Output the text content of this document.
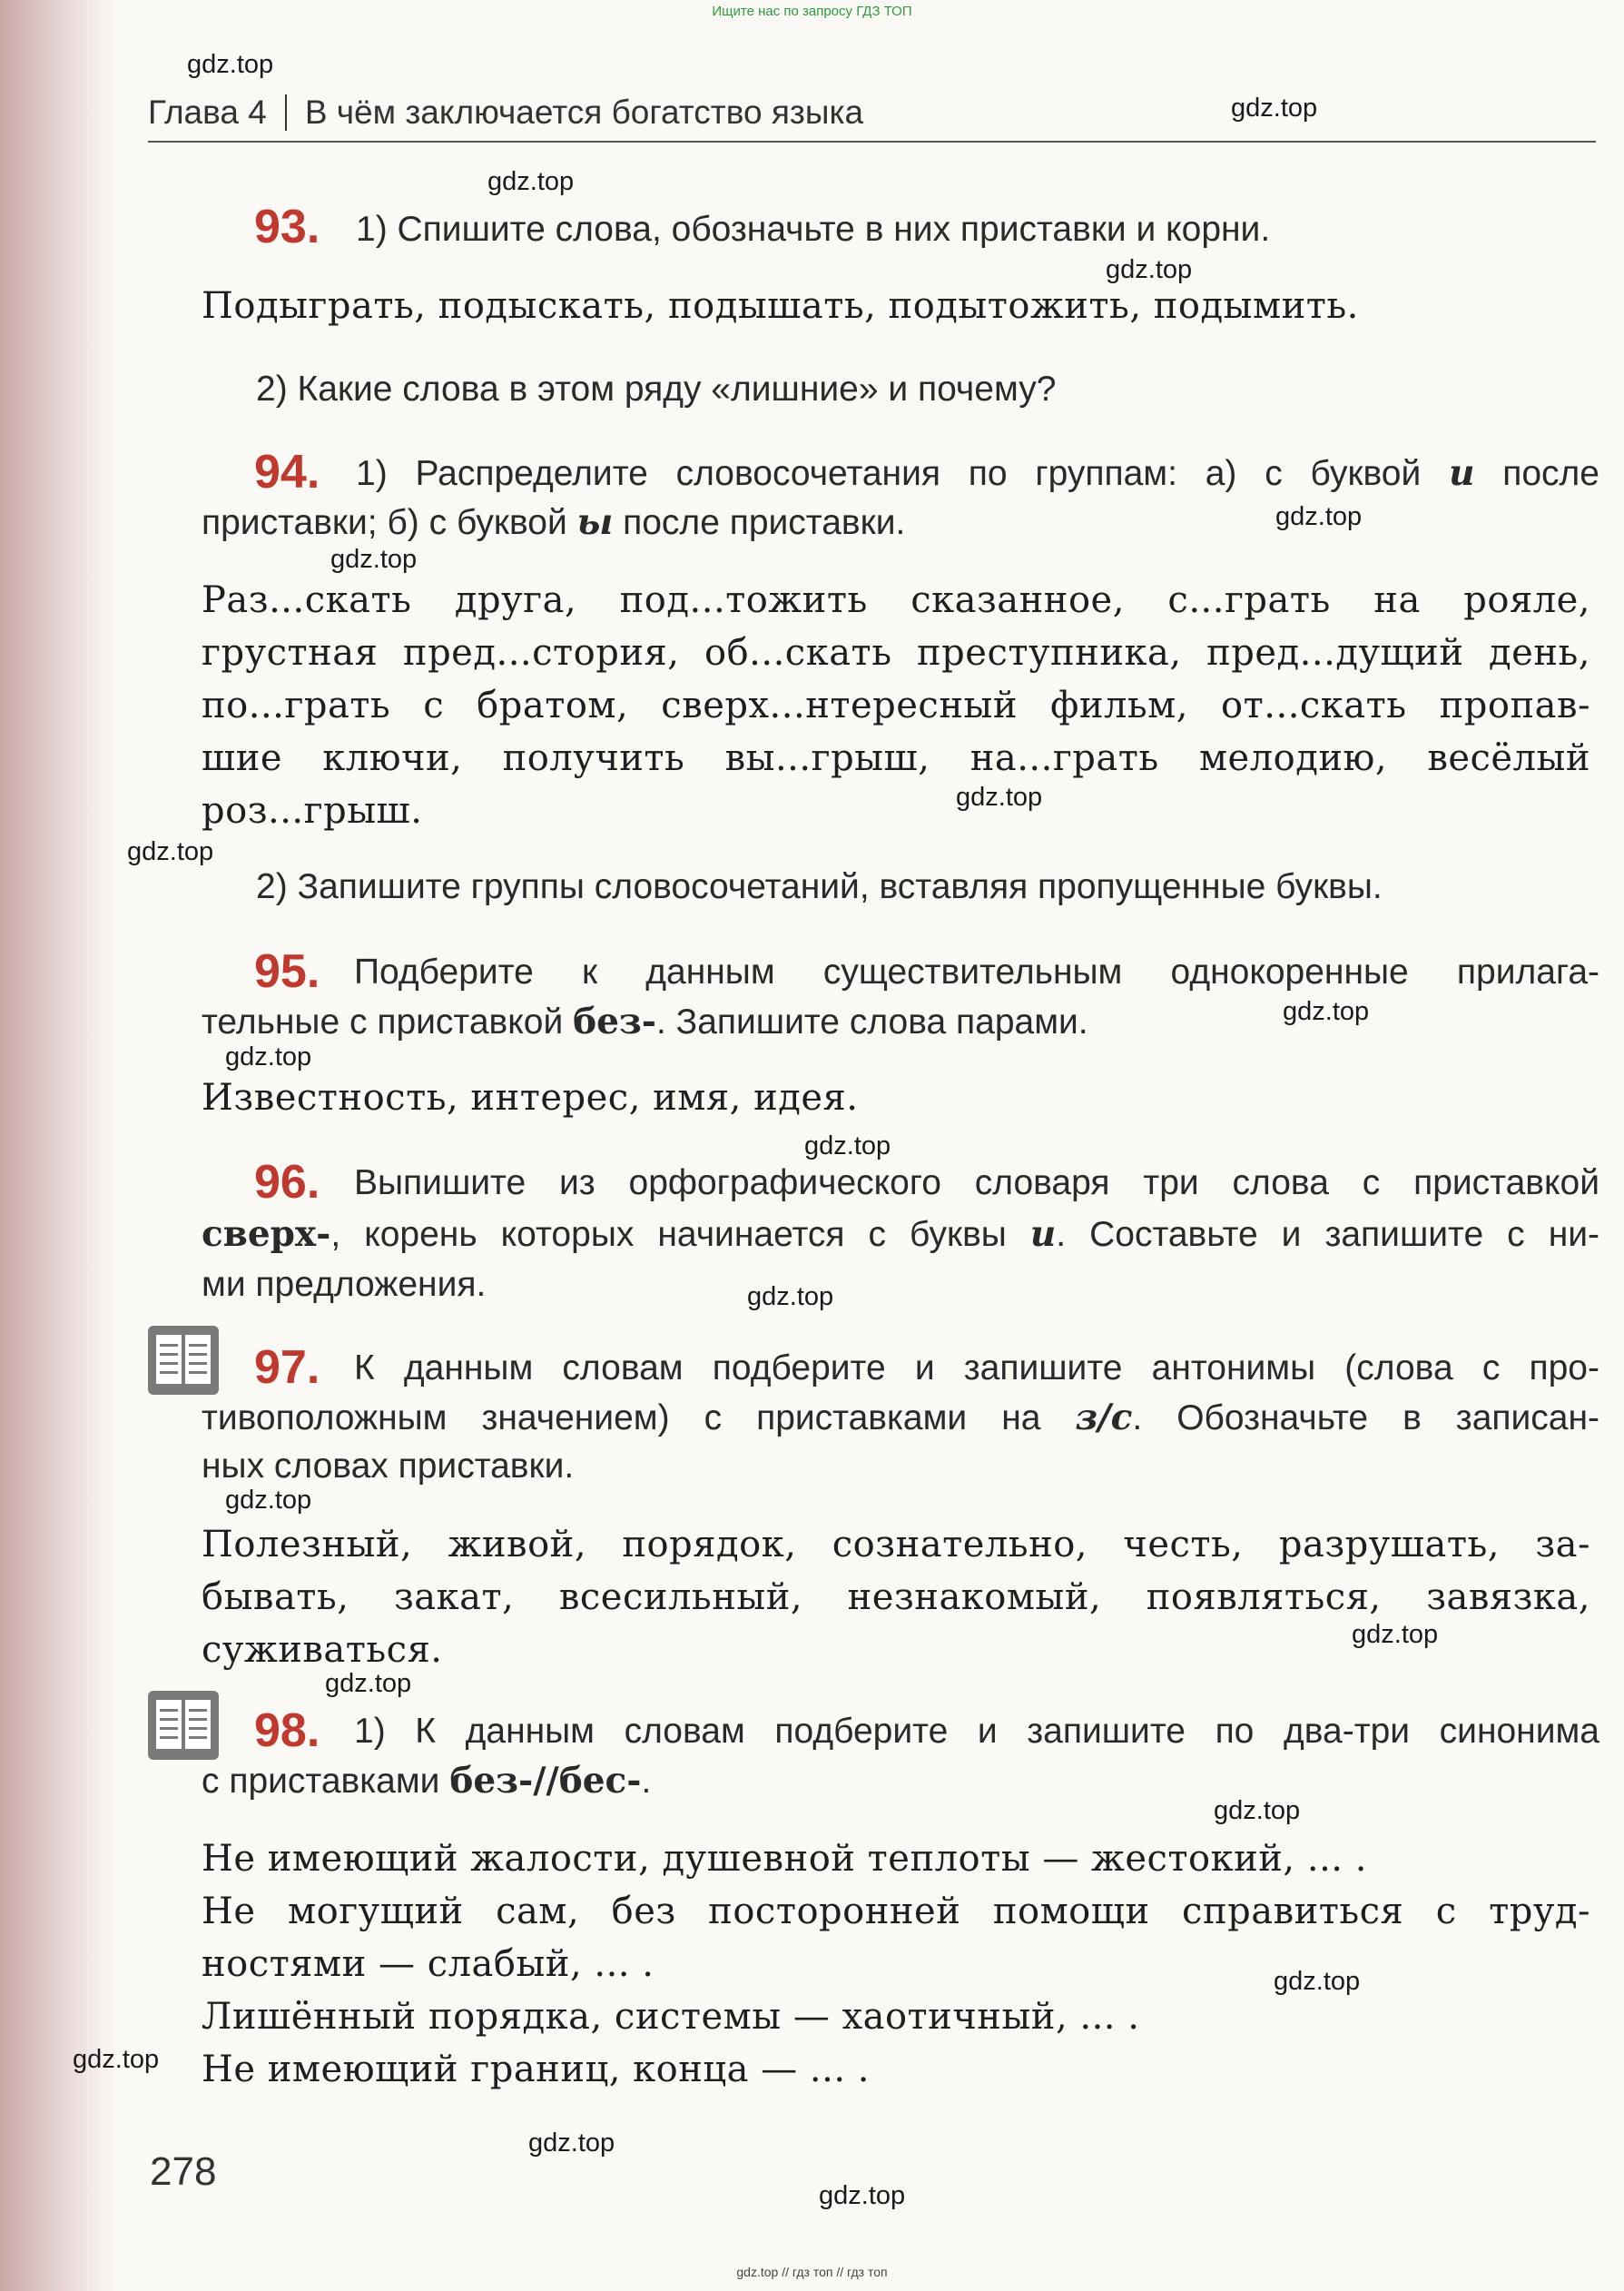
Ищите нас по запросу ГДЗ ТОП
Глава 4 В чём заключается богатство языка
93. 1) Спишите слова, обозначьте в них приставки и корни.
Подыграть, подыскать, подышать, подытожить, подымить.
2) Какие слова в этом ряду «лишние» и почему?
94. 1) Распределите словосочетания по группам: а) с буквой и после
приставки; б) с буквой ы после приставки.
Раз...скать друга, под...тожить сказанное, с...грать на рояле,
грустная пред...стория, об...скать преступника, пред...дущий день,
по...грать с братом, сверх...нтересный фильм, от...скать пропав-
шие ключи, получить вы...грыш, на...грать мелодию, весёлый
роз...грыш.
2) Запишите группы словосочетаний, вставляя пропущенные буквы.
95. Подберите к данным существительным однокоренные прилага-
тельные с приставкой без-. Запишите слова парами.
Известность, интерес, имя, идея.
96. Выпишите из орфографического словаря три слова с приставкой
сверх-, корень которых начинается с буквы и. Составьте и запишите с ни-
ми предложения.
97. К данным словам подберите и запишите антонимы (слова с про-
тивоположным значением) с приставками на з/с. Обозначьте в записан-
ных словах приставки.
Полезный, живой, порядок, сознательно, честь, разрушать, за-
бывать, закат, всесильный, незнакомый, появляться, завязка,
суживаться.
98. 1) К данным словам подберите и запишите по два-три синонима
с приставками без-//бес-.
Не имеющий жалости, душевной теплоты — жестокий, ... .
Не могущий сам, без посторонней помощи справиться с труд-
ностями — слабый, ... .
Лишённый порядка, системы — хаотичный, ... .
Не имеющий границ, конца — ... .
278
gdz.top // гдз топ // гдз топ
gdz.top
gdz.top
gdz.top
gdz.top
gdz.top
gdz.top
gdz.top
gdz.top
gdz.top
gdz.top
gdz.top
gdz.top
gdz.top
gdz.top
gdz.top
gdz.top
gdz.top
gdz.top
gdz.top
gdz.top
